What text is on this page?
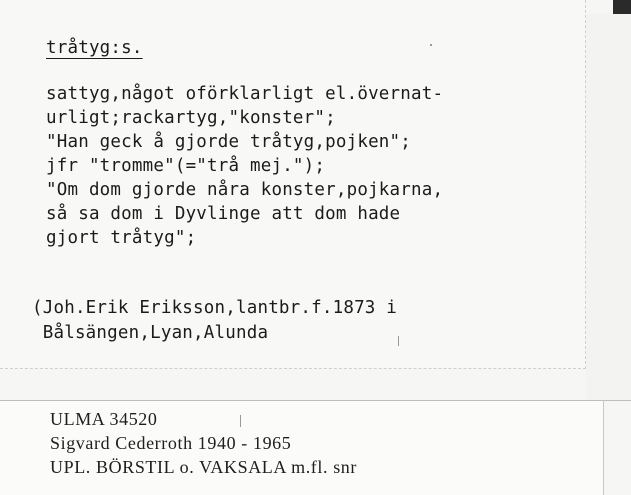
tråtyg:s.
sattyg,något oförklarligt el.övernat-
urligt;rackartyg,"konster";
"Han geck å gjorde tråtyg,pojken";
jfr "tromme"(="trå mej.");
"Om dom gjorde nåra konster,pojkarna,
så sa dom i Dyvlinge att dom hade
gjort tråtyg";
(Joh.Erik Eriksson,lantbr.f.1873 i
Bålsängen,Lyan,Alunda
ULMA 34520
Sigvard Cederroth 1940 - 1965
UPL. BÖRSTIL o. VAKSALA m.fl. snr
